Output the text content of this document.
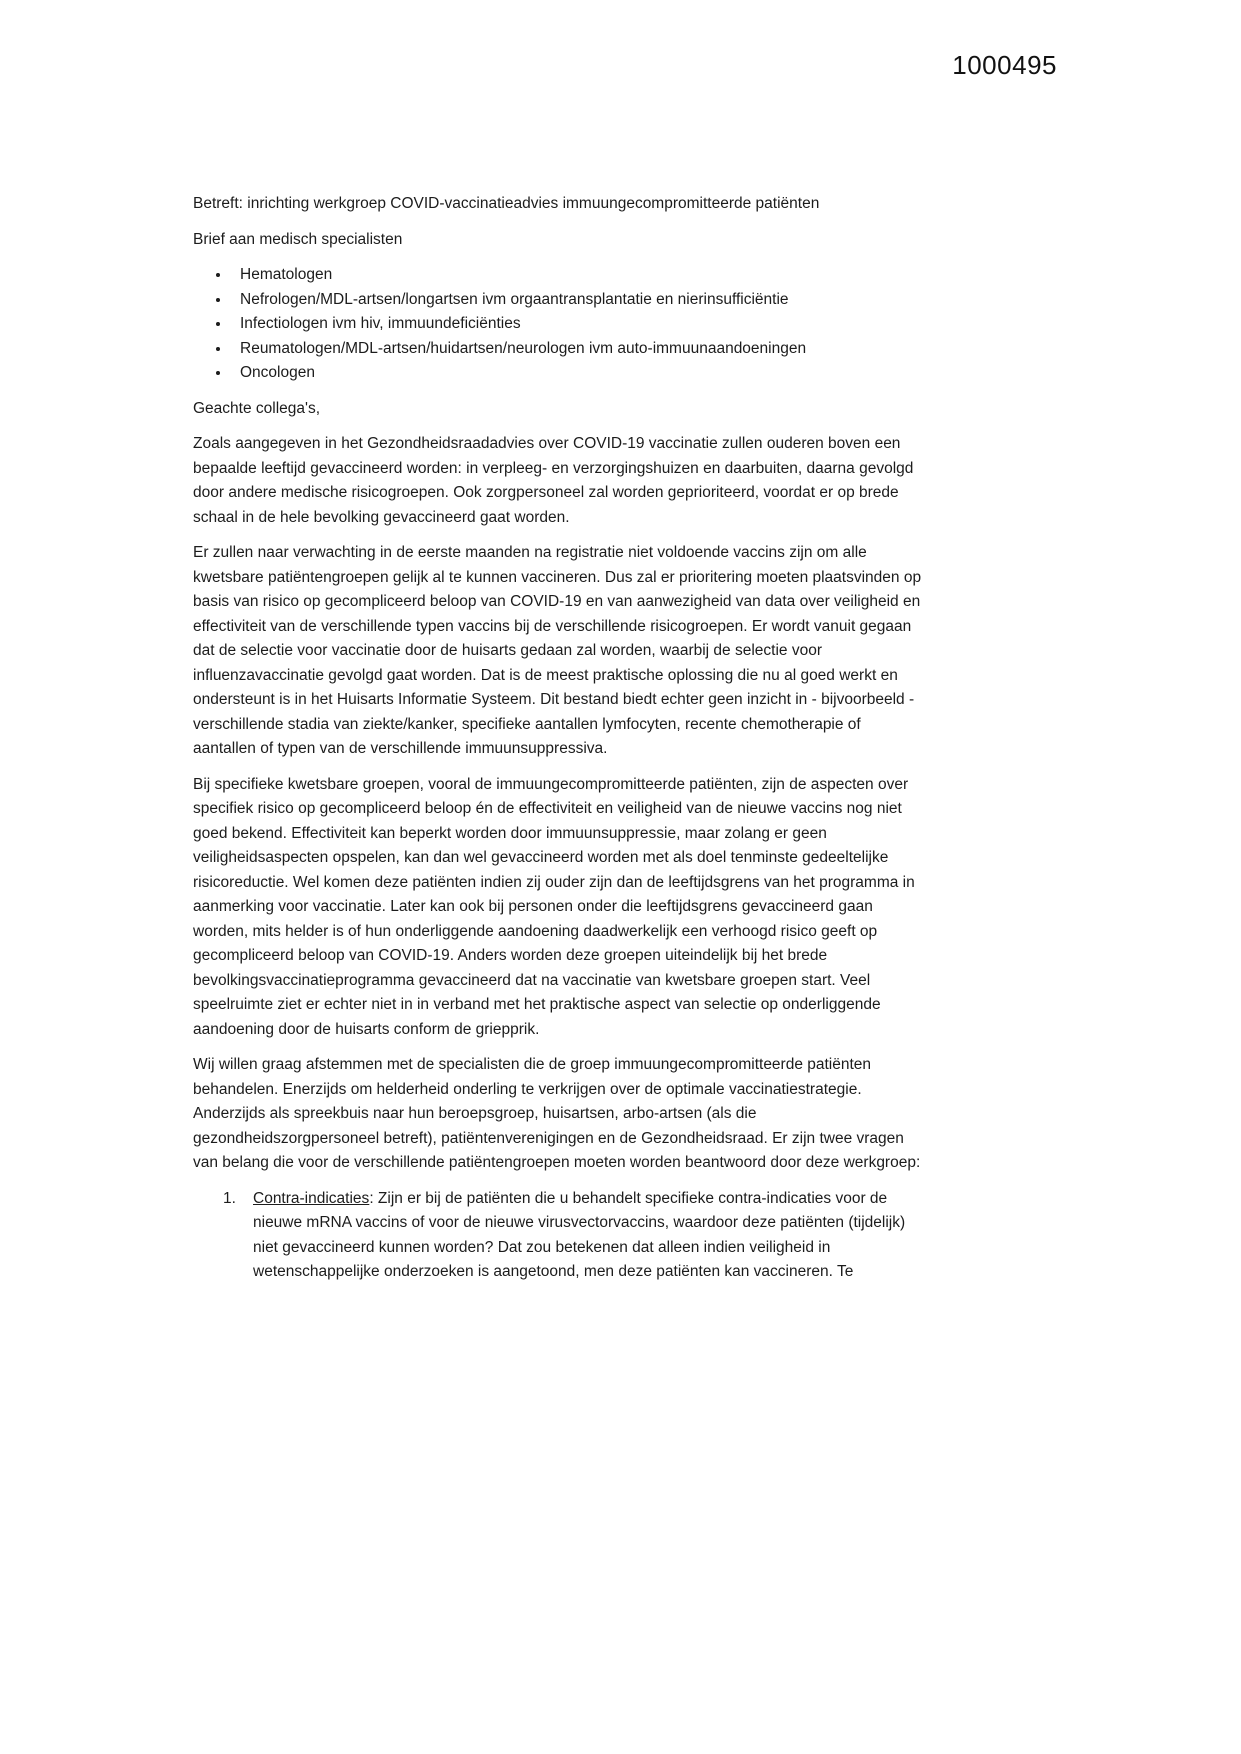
1000495

Betreft: inrichting werkgroep COVID-vaccinatieadvies immuungecompromitteerde patiënten

Brief aan medisch specialisten

• Hematologen
• Nefrologen/MDL-artsen/longartsen ivm orgaantransplantatie en nierinsufficiëntie
• Infectiologen ivm hiv, immuundeficiënties
• Reumatologen/MDL-artsen/huidartsen/neurologen ivm auto-immuunaandoeningen
• Oncologen

Geachte collega's,

Zoals aangegeven in het Gezondheidsraadadvies over COVID-19 vaccinatie zullen ouderen boven een bepaalde leeftijd gevaccineerd worden: in verpleeg- en verzorgingshuizen en daarbuiten, daarna gevolgd door andere medische risicogroepen. Ook zorgpersoneel zal worden geprioriteerd, voordat er op brede schaal in de hele bevolking gevaccineerd gaat worden.

Er zullen naar verwachting in de eerste maanden na registratie niet voldoende vaccins zijn om alle kwetsbare patiëntengroepen gelijk al te kunnen vaccineren. Dus zal er prioritering moeten plaatsvinden op basis van risico op gecompliceerd beloop van COVID-19 en van aanwezigheid van data over veiligheid en effectiviteit van de verschillende typen vaccins bij de verschillende risicogroepen. Er wordt vanuit gegaan dat de selectie voor vaccinatie door de huisarts gedaan zal worden, waarbij de selectie voor influenzavaccinatie gevolgd gaat worden. Dat is de meest praktische oplossing die nu al goed werkt en ondersteunt is in het Huisarts Informatie Systeem. Dit bestand biedt echter geen inzicht in - bijvoorbeeld - verschillende stadia van ziekte/kanker, specifieke aantallen lymfocyten, recente chemotherapie of aantallen of typen van de verschillende immuunsuppressiva.

Bij specifieke kwetsbare groepen, vooral de immuungecompromitteerde patiënten, zijn de aspecten over specifiek risico op gecompliceerd beloop én de effectiviteit en veiligheid van de nieuwe vaccins nog niet goed bekend. Effectiviteit kan beperkt worden door immuunsuppressie, maar zolang er geen veiligheidsaspecten opspelen, kan dan wel gevaccineerd worden met als doel tenminste gedeeltelijke risicoreductie. Wel komen deze patiënten indien zij ouder zijn dan de leeftijdsgrens van het programma in aanmerking voor vaccinatie. Later kan ook bij personen onder die leeftijdsgrens gevaccineerd gaan worden, mits helder is of hun onderliggende aandoening daadwerkelijk een verhoogd risico geeft op gecompliceerd beloop van COVID-19. Anders worden deze groepen uiteindelijk bij het brede bevolkingsvaccinatieprogramma gevaccineerd dat na vaccinatie van kwetsbare groepen start. Veel speelruimte ziet er echter niet in in verband met het praktische aspect van selectie op onderliggende aandoening door de huisarts conform de griepprik.

Wij willen graag afstemmen met de specialisten die de groep immuungecompromitteerde patiënten behandelen. Enerzijds om helderheid onderling te verkrijgen over de optimale vaccinatiestrategie. Anderzijds als spreekbuis naar hun beroepsgroep, huisartsen, arbo-artsen (als die gezondheidszorgpersoneel betreft), patiëntenverenigingen en de Gezondheidsraad. Er zijn twee vragen van belang die voor de verschillende patiëntengroepen moeten worden beantwoord door deze werkgroep:

1.	Contra-indicaties: Zijn er bij de patiënten die u behandelt specifieke contra-indicaties voor de nieuwe mRNA vaccins of voor de nieuwe virusvectorvaccins, waardoor deze patiënten (tijdelijk) niet gevaccineerd kunnen worden? Dat zou betekenen dat alleen indien veiligheid in wetenschappelijke onderzoeken is aangetoond, men deze patiënten kan vaccineren. Te
